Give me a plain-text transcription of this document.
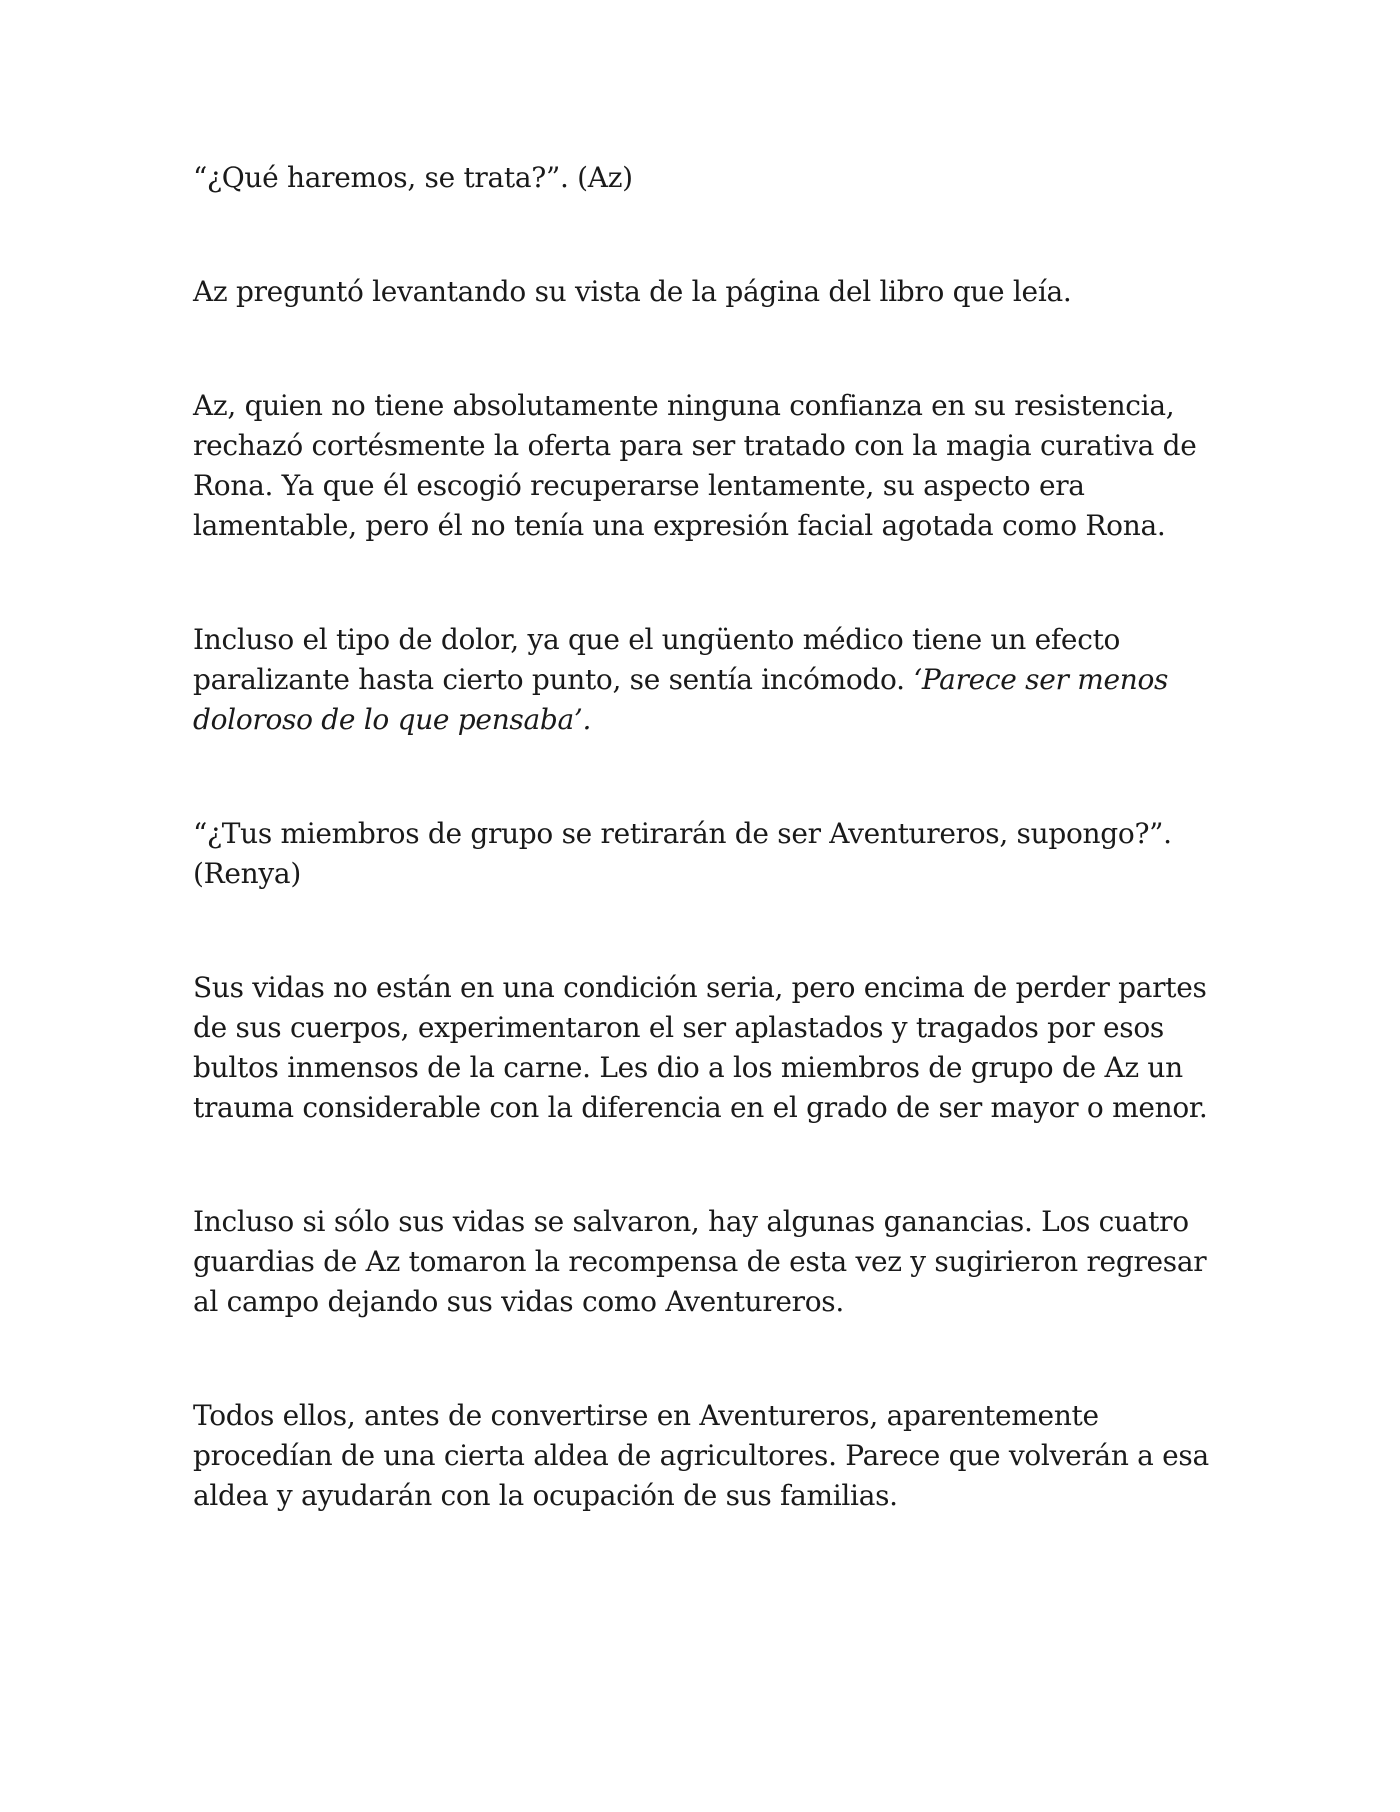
“¿Qué haremos, se trata?”. (Az)

Az preguntó levantando su vista de la página del libro que leía.

Az, quien no tiene absolutamente ninguna confianza en su resistencia, rechazó cortésmente la oferta para ser tratado con la magia curativa de Rona. Ya que él escogió recuperarse lentamente, su aspecto era lamentable, pero él no tenía una expresión facial agotada como Rona.

Incluso el tipo de dolor, ya que el ungüento médico tiene un efecto paralizante hasta cierto punto, se sentía incómodo. ‘Parece ser menos doloroso de lo que pensaba’.

“¿Tus miembros de grupo se retirarán de ser Aventureros, supongo?”. (Renya)

Sus vidas no están en una condición seria, pero encima de perder partes de sus cuerpos, experimentaron el ser aplastados y tragados por esos bultos inmensos de la carne. Les dio a los miembros de grupo de Az un trauma considerable con la diferencia en el grado de ser mayor o menor.

Incluso si sólo sus vidas se salvaron, hay algunas ganancias. Los cuatro guardias de Az tomaron la recompensa de esta vez y sugirieron regresar al campo dejando sus vidas como Aventureros.

Todos ellos, antes de convertirse en Aventureros, aparentemente procedían de una cierta aldea de agricultores. Parece que volverán a esa aldea y ayudarán con la ocupación de sus familias.
